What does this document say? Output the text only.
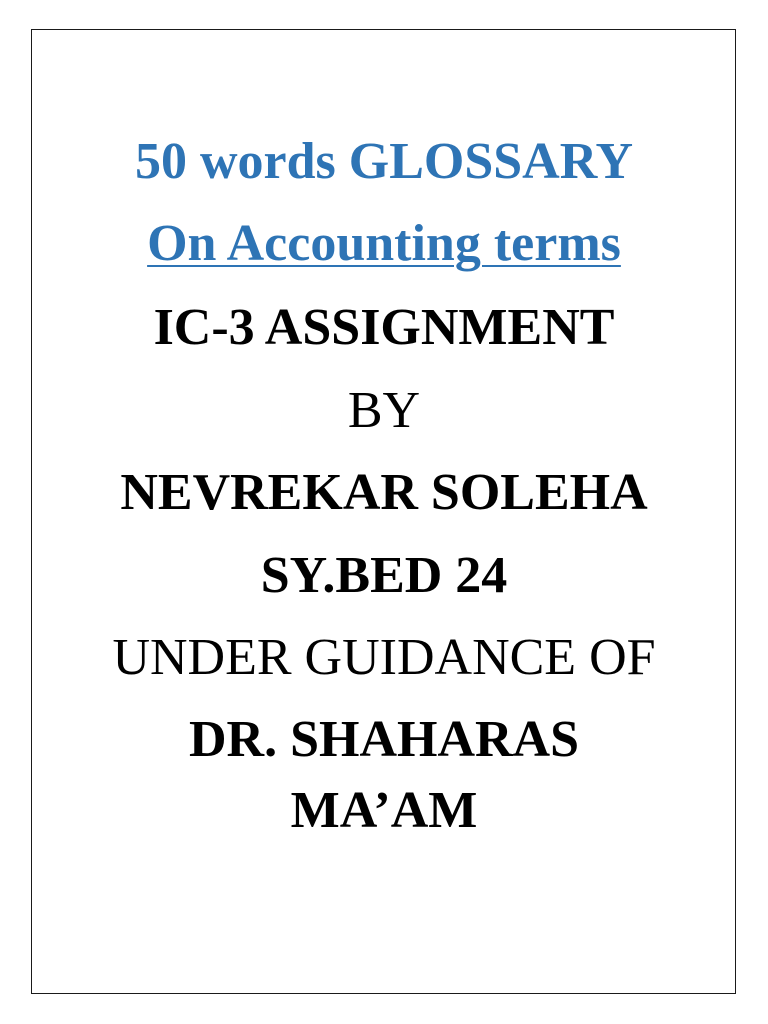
50 words GLOSSARY
On Accounting terms
IC-3 ASSIGNMENT
BY
NEVREKAR SOLEHA
SY.BED 24
UNDER GUIDANCE OF
DR. SHAHARAS
MA’AM
